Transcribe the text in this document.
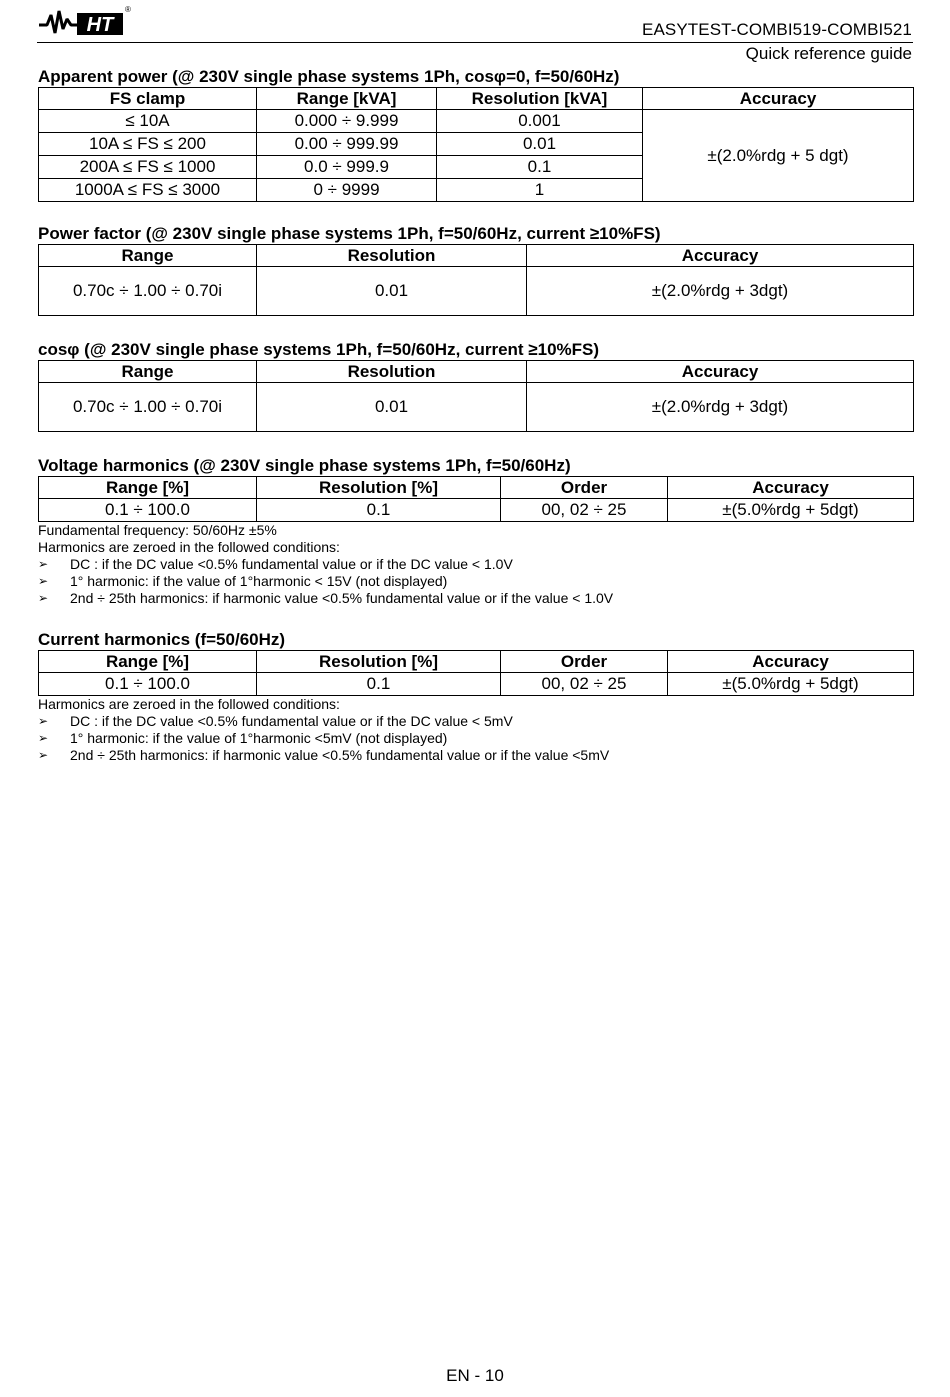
HT
®
EASYTEST-COMBI519-COMBI521
Quick reference guide
Apparent power (@ 230V single phase systems 1Ph, cosφ=0, f=50/60Hz)
FS clamp	Range [kVA]	Resolution [kVA]	Accuracy
≤ 10A	0.000 ÷ 9.999	0.001	±(2.0%rdg + 5 dgt)
10A ≤ FS ≤ 200	0.00 ÷ 999.99	0.01	
200A ≤ FS ≤ 1000	0.0 ÷ 999.9	0.1	
1000A ≤ FS ≤ 3000	0 ÷ 9999	1	
Power factor (@ 230V single phase systems 1Ph, f=50/60Hz, current ≥10%FS)
Range	Resolution	Accuracy
0.70c ÷ 1.00 ÷ 0.70i	0.01	±(2.0%rdg + 3dgt)
cosφ (@ 230V single phase systems 1Ph, f=50/60Hz, current ≥10%FS)
Range	Resolution	Accuracy
0.70c ÷ 1.00 ÷ 0.70i	0.01	±(2.0%rdg + 3dgt)
Voltage harmonics (@ 230V single phase systems 1Ph, f=50/60Hz)
Range [%]	Resolution [%]	Order	Accuracy
0.1 ÷ 100.0	0.1	00, 02 ÷ 25	±(5.0%rdg + 5dgt)
Fundamental frequency: 50/60Hz ±5%
Harmonics are zeroed in the followed conditions:
➢	DC : if the DC value <0.5% fundamental value or if the DC value < 1.0V
➢	1° harmonic: if the value of 1°harmonic < 15V (not displayed)
➢	2nd ÷ 25th harmonics: if harmonic value <0.5% fundamental value or if the value < 1.0V
Current harmonics (f=50/60Hz)
Range [%]	Resolution [%]	Order	Accuracy
0.1 ÷ 100.0	0.1	00, 02 ÷ 25	±(5.0%rdg + 5dgt)
Harmonics are zeroed in the followed conditions:
➢	DC : if the DC value <0.5% fundamental value or if the DC value < 5mV
➢	1° harmonic: if the value of 1°harmonic <5mV (not displayed)
➢	2nd ÷ 25th harmonics: if harmonic value <0.5% fundamental value or if the value <5mV
EN - 10
